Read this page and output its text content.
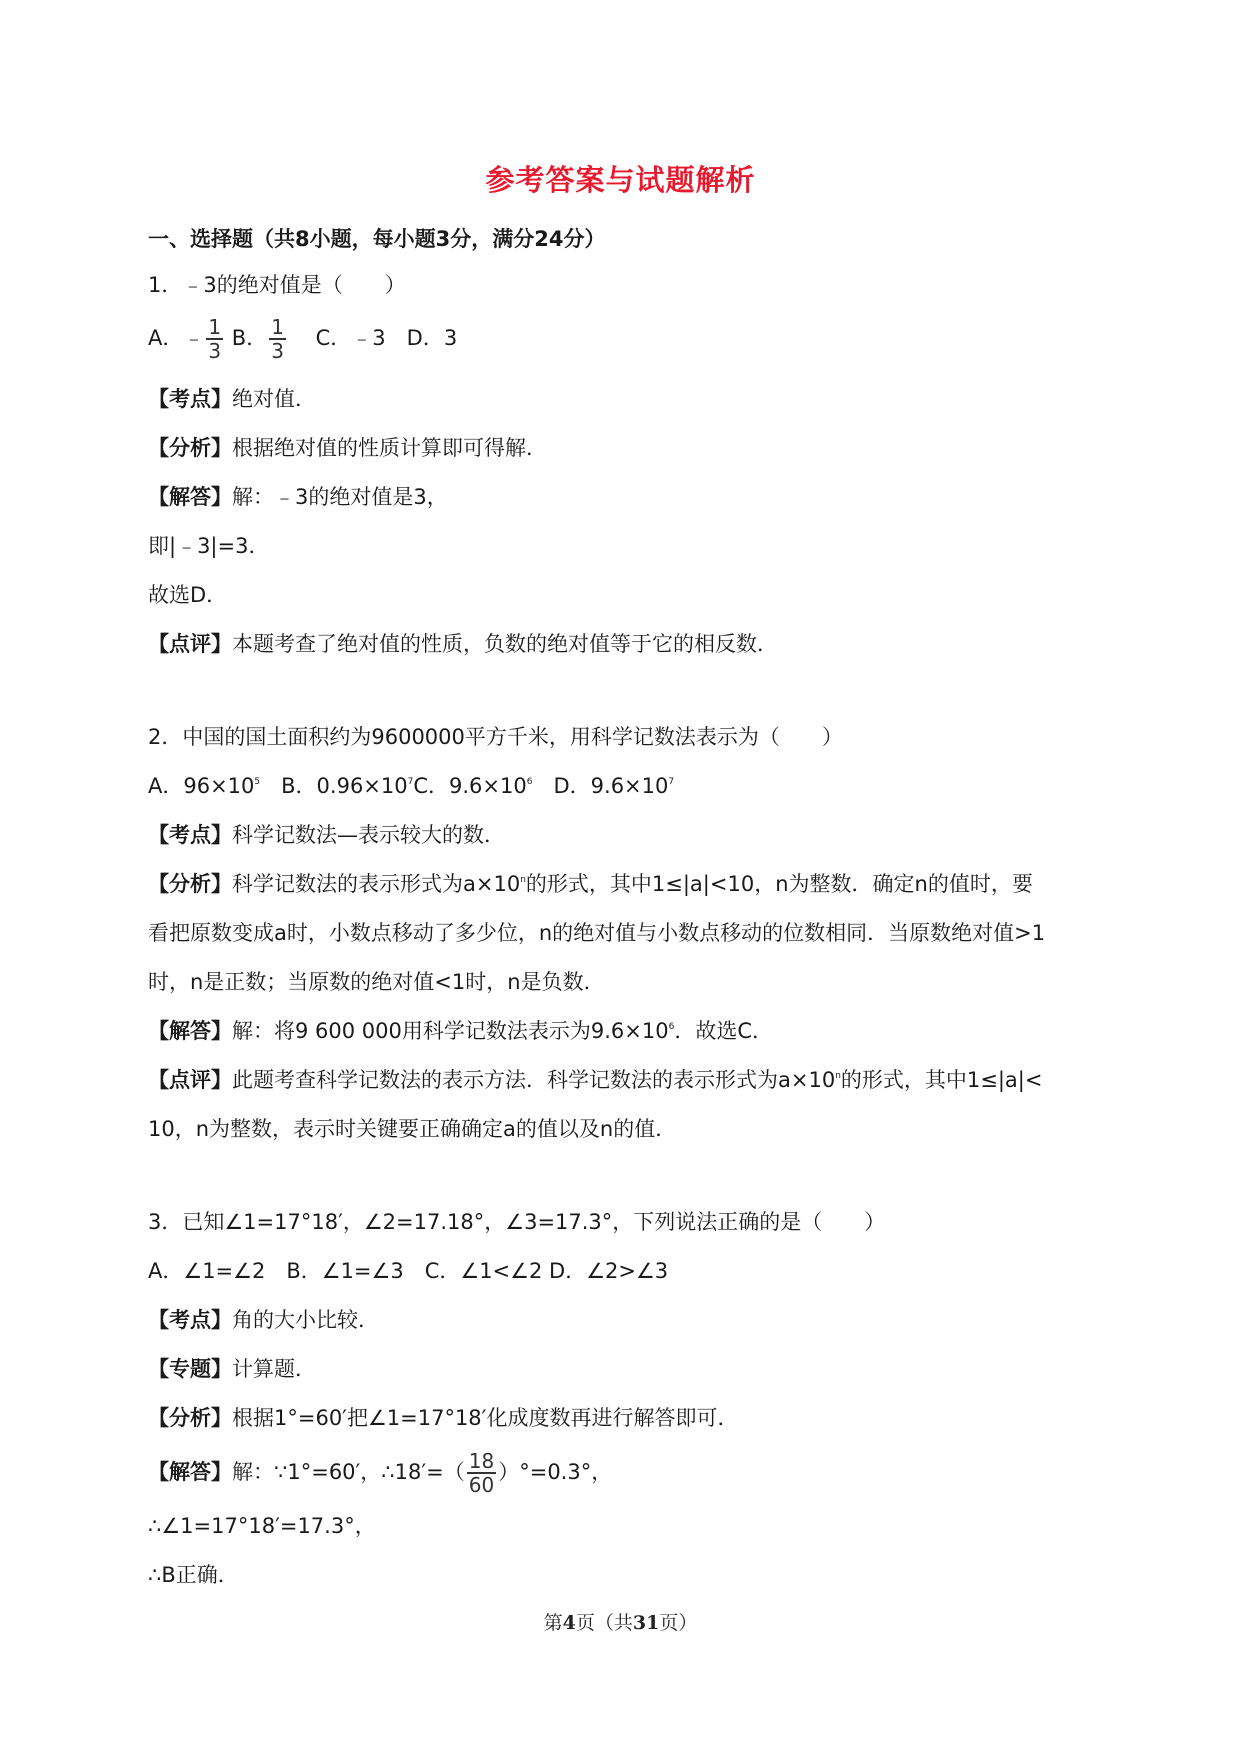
参考答案与试题解析
一、选择题（共8小题，每小题3分，满分24分）
1．﹣3的绝对值是（　　）
A．﹣ $\frac{1}{3}$ B． $\frac{1}{3}$ 　C．﹣3　D．3
【考点】绝对值．
【分析】根据绝对值的性质计算即可得解．
【解答】解：﹣3的绝对值是3，
即|﹣3|=3．
故选D．
【点评】本题考查了绝对值的性质，负数的绝对值等于它的相反数．
2．中国的国土面积约为9600000平方千米，用科学记数法表示为（　　）
A．$96\times 10^5$　B．$0.96\times 10^7C$．$9.6\times 10^6$　D．$9.6\times 10^7$
【考点】科学记数法—表示较大的数．
【分析】科学记数法的表示形式为$a\times 10^n$的形式，其中1≤|a|<10，n为整数．确定n的值时，要
看把原数变成a时，小数点移动了多少位，n的绝对值与小数点移动的位数相同．当原数绝对值>1
时，n是正数；当原数的绝对值<1时，n是负数．
【解答】解：将9 600 000用科学记数法表示为$9.6\times 10^6$．故选C．
【点评】此题考查科学记数法的表示方法．科学记数法的表示形式为$a\times 10^n$的形式，其中1≤|a|<
10，n为整数，表示时关键要正确确定a的值以及n的值．
3．已知∠1=17°18′，∠2=17.18°，∠3=17.3°，下列说法正确的是（　　）
A．∠1=∠2　B．∠1=∠3　C．∠1<∠2 D．∠2>∠3
【考点】角的大小比较．
【专题】计算题．
【分析】根据1°=60′把∠1=17°18′化成度数再进行解答即可．
【解答】解：∵1°=60′，∴18′=（ $\frac{18}{60} )^\circ=0.3^\circ$，
∴∠1=17°18′=17.3°，
∴B正确．
第4页（共31页）
